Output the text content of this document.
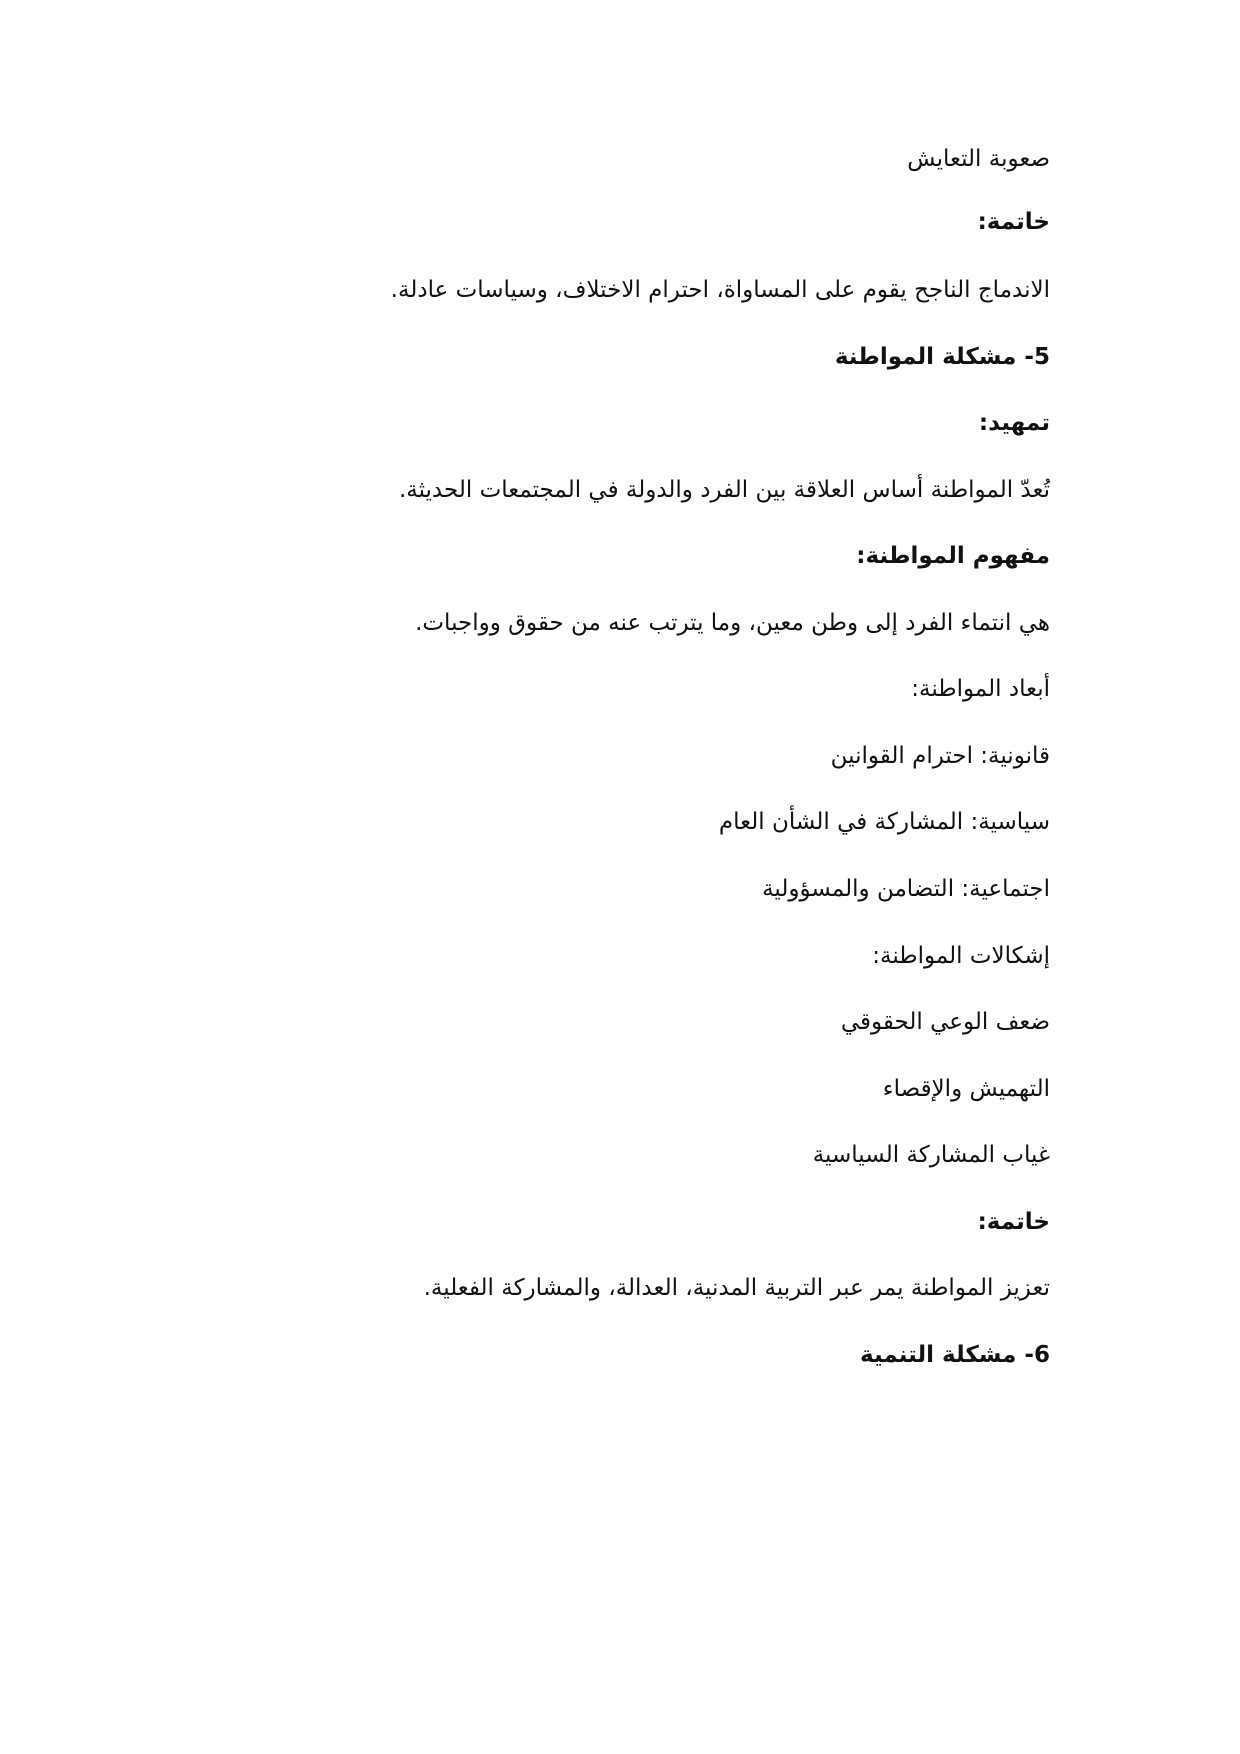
صعوبة التعايش
خاتمة:
الاندماج الناجح يقوم على المساواة، احترام الاختلاف، وسياسات عادلة.
5- مشكلة المواطنة
تمهيد:
تُعدّ المواطنة أساس العلاقة بين الفرد والدولة في المجتمعات الحديثة.
مفهوم المواطنة:
هي انتماء الفرد إلى وطن معين، وما يترتب عنه من حقوق وواجبات.
أبعاد المواطنة:
قانونية: احترام القوانين
سياسية: المشاركة في الشأن العام
اجتماعية: التضامن والمسؤولية
إشكالات المواطنة:
ضعف الوعي الحقوقي
التهميش والإقصاء
غياب المشاركة السياسية
خاتمة:
تعزيز المواطنة يمر عبر التربية المدنية، العدالة، والمشاركة الفعلية.
6- مشكلة التنمية
